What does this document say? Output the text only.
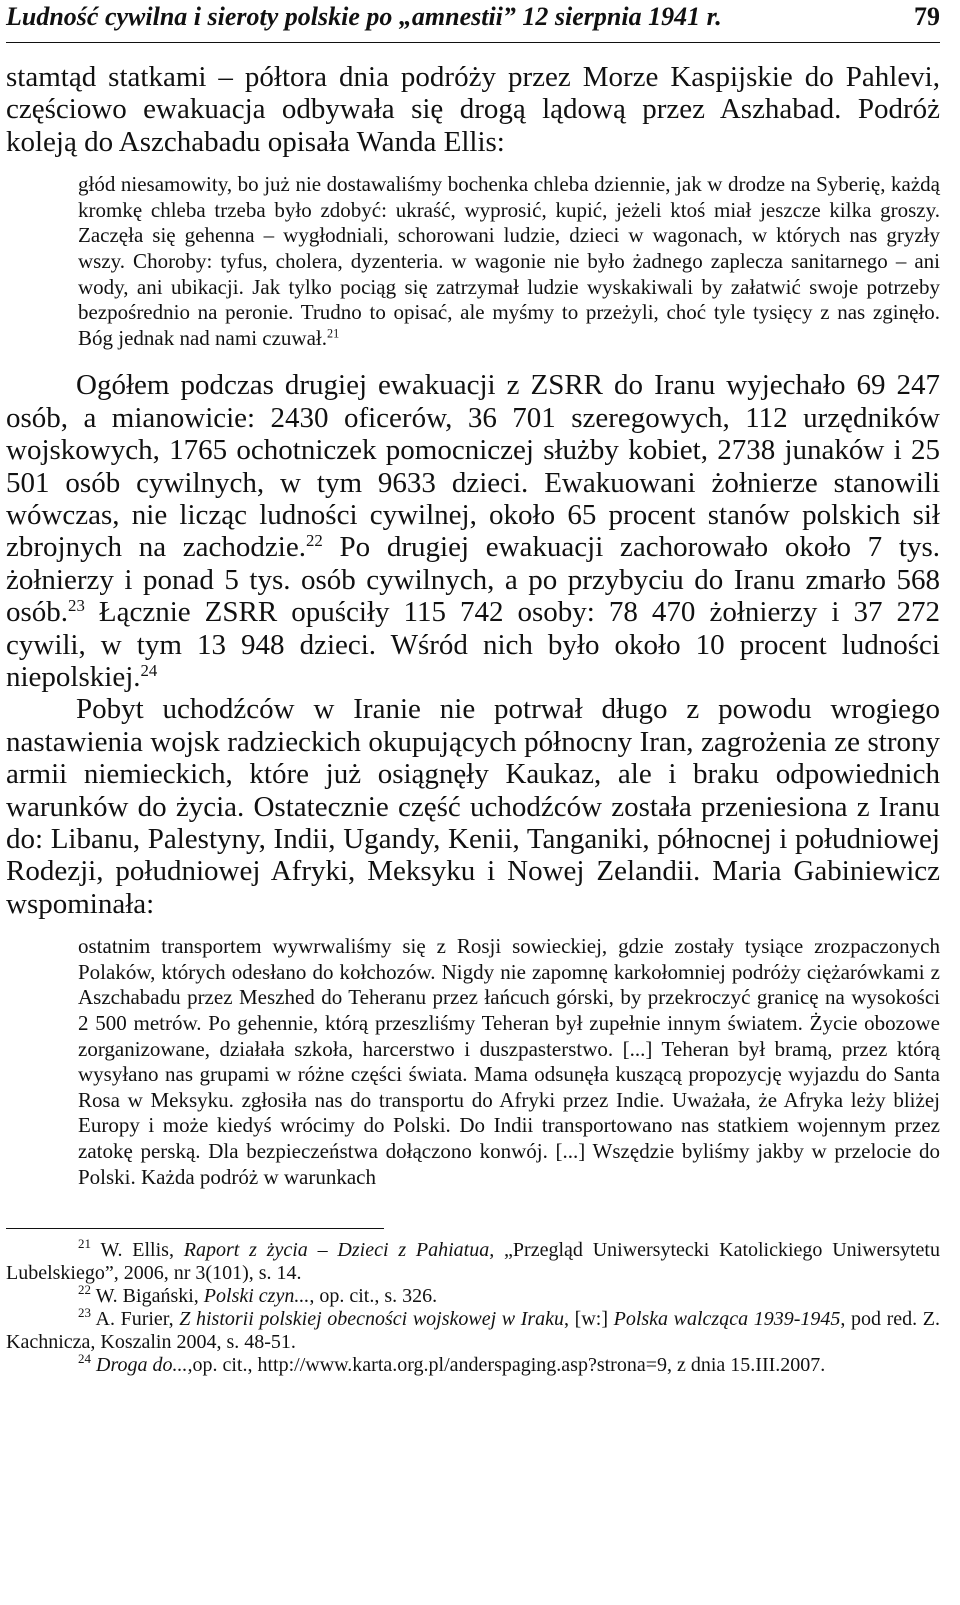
Ludność cywilna i sieroty polskie po „amnestii” 12 sierpnia 1941 r.	79

stamtąd statkami – półtora dnia podróży przez Morze Kaspijskie do Pahlevi, częściowo ewakuacja odbywała się drogą lądową przez Aszhabad. Podróż koleją do Aszchabadu opisała Wanda Ellis:

głód niesamowity, bo już nie dostawaliśmy bochenka chleba dziennie, jak w drodze na Syberię, każdą kromkę chleba trzeba było zdobyć: ukraść, wyprosić, kupić, jeżeli ktoś miał jeszcze kilka groszy. Zaczęła się gehenna – wygłodniali, schorowani ludzie, dzieci w wagonach, w których nas gryzły wszy. Choroby: tyfus, cholera, dyzenteria. w wagonie nie było żadnego zaplecza sanitarnego – ani wody, ani ubikacji. Jak tylko pociąg się zatrzymał ludzie wyskakiwali by załatwić swoje potrzeby bezpośrednio na peronie. Trudno to opisać, ale myśmy to przeżyli, choć tyle tysięcy z nas zginęło. Bóg jednak nad nami czuwał.$^{21}$

Ogółem podczas drugiej ewakuacji z ZSRR do Iranu wyjechało 69 247 osób, a mianowicie: 2430 oficerów, 36 701 szeregowych, 112 urzędników wojskowych, 1765 ochotniczek pomocniczej służby kobiet, 2738 junaków i 25 501 osób cywilnych, w tym 9633 dzieci. Ewakuowani żołnierze stanowili wówczas, nie licząc ludności cywilnej, około 65 procent stanów polskich sił zbrojnych na zachodzie.$^{22}$ Po drugiej ewakuacji zachorowało około 7 tys. żołnierzy i ponad 5 tys. osób cywilnych, a po przybyciu do Iranu zmarło 568 osób.$^{23}$ Łącznie ZSRR opuściły 115 742 osoby: 78 470 żołnierzy i 37 272 cywili, w tym 13 948 dzieci. Wśród nich było około 10 procent ludności niepolskiej.$^{24}$

Pobyt uchodźców w Iranie nie potrwał długo z powodu wrogiego nastawienia wojsk radzieckich okupujących północny Iran, zagrożenia ze strony armii niemieckich, które już osiągnęły Kaukaz, ale i braku odpowiednich warunków do życia. Ostatecznie część uchodźców została przeniesiona z Iranu do: Libanu, Palestyny, Indii, Ugandy, Kenii, Tanganiki, północnej i południowej Rodezji, południowej Afryki, Meksyku i Nowej Zelandii. Maria Gabiniewicz wspominała:

ostatnim transportem wywrwaliśmy się z Rosji sowieckiej, gdzie zostały tysiące zrozpaczonych Polaków, których odesłano do kołchozów. Nigdy nie zapomnę karkołomniej podróży ciężarówkami z Aszchabadu przez Meszhed do Teheranu przez łańcuch górski, by przekroczyć granicę na wysokości 2 500 metrów. Po gehennie, którą przeszliśmy Teheran był zupełnie innym światem. Życie obozowe zorganizowane, działała szkoła, harcerstwo i duszpasterstwo. [...] Teheran był bramą, przez którą wysyłano nas grupami w różne części świata. Mama odsunęła kuszącą propozycję wyjazdu do Santa Rosa w Meksyku. zgłosiła nas do transportu do Afryki przez Indie. Uważała, że Afryka leży bliżej Europy i może kiedyś wrócimy do Polski. Do Indii transportowano nas statkiem wojennym przez zatokę perską. Dla bezpieczeństwa dołączono konwój. [...] Wszędzie byliśmy jakby w przelocie do Polski. Każda podróż w warunkach

$^{21}$ W. Ellis, Raport z życia – Dzieci z Pahiatua, „Przegląd Uniwersytecki Katolickiego Uniwersytetu Lubelskiego”, 2006, nr 3(101), s. 14.

$^{22}$ W. Bigański, Polski czyn..., op. cit., s. 326.

$^{23}$ A. Furier, Z historii polskiej obecności wojskowej w Iraku, [w:] Polska walcząca 1939-1945, pod red. Z. Kachnicza, Koszalin 2004, s. 48-51.

$^{24}$ Droga do...,op. cit., http://www.karta.org.pl/anderspaging.asp?strona=9, z dnia 15.III.2007.
